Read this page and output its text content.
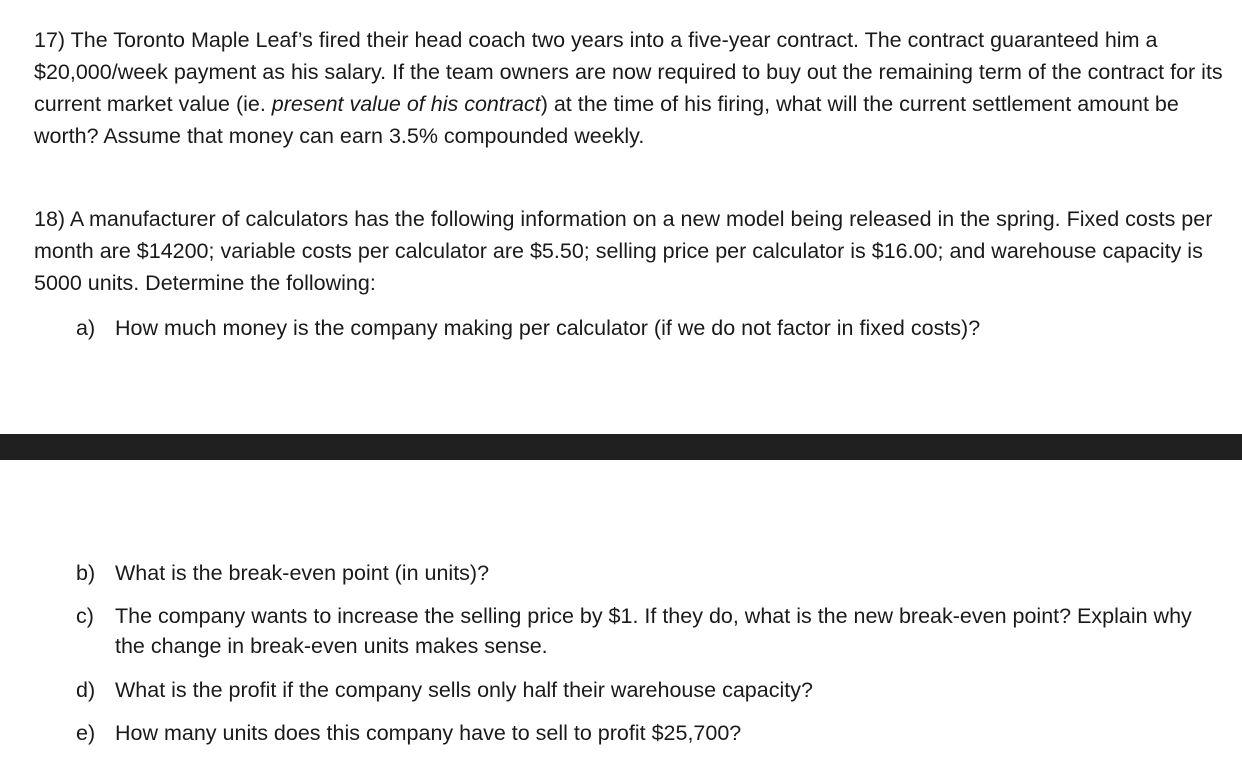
17) The Toronto Maple Leaf’s fired their head coach two years into a five-year contract. The contract guaranteed him a $20,000/week payment as his salary. If the team owners are now required to buy out the remaining term of the contract for its current market value (ie. present value of his contract) at the time of his firing, what will the current settlement amount be worth? Assume that money can earn 3.5% compounded weekly.
18) A manufacturer of calculators has the following information on a new model being released in the spring. Fixed costs per month are $14200; variable costs per calculator are $5.50; selling price per calculator is $16.00; and warehouse capacity is 5000 units. Determine the following:
a) How much money is the company making per calculator (if we do not factor in fixed costs)?
b) What is the break-even point (in units)?
c) The company wants to increase the selling price by $1. If they do, what is the new break-even point? Explain why the change in break-even units makes sense.
d) What is the profit if the company sells only half their warehouse capacity?
e) How many units does this company have to sell to profit $25,700?
